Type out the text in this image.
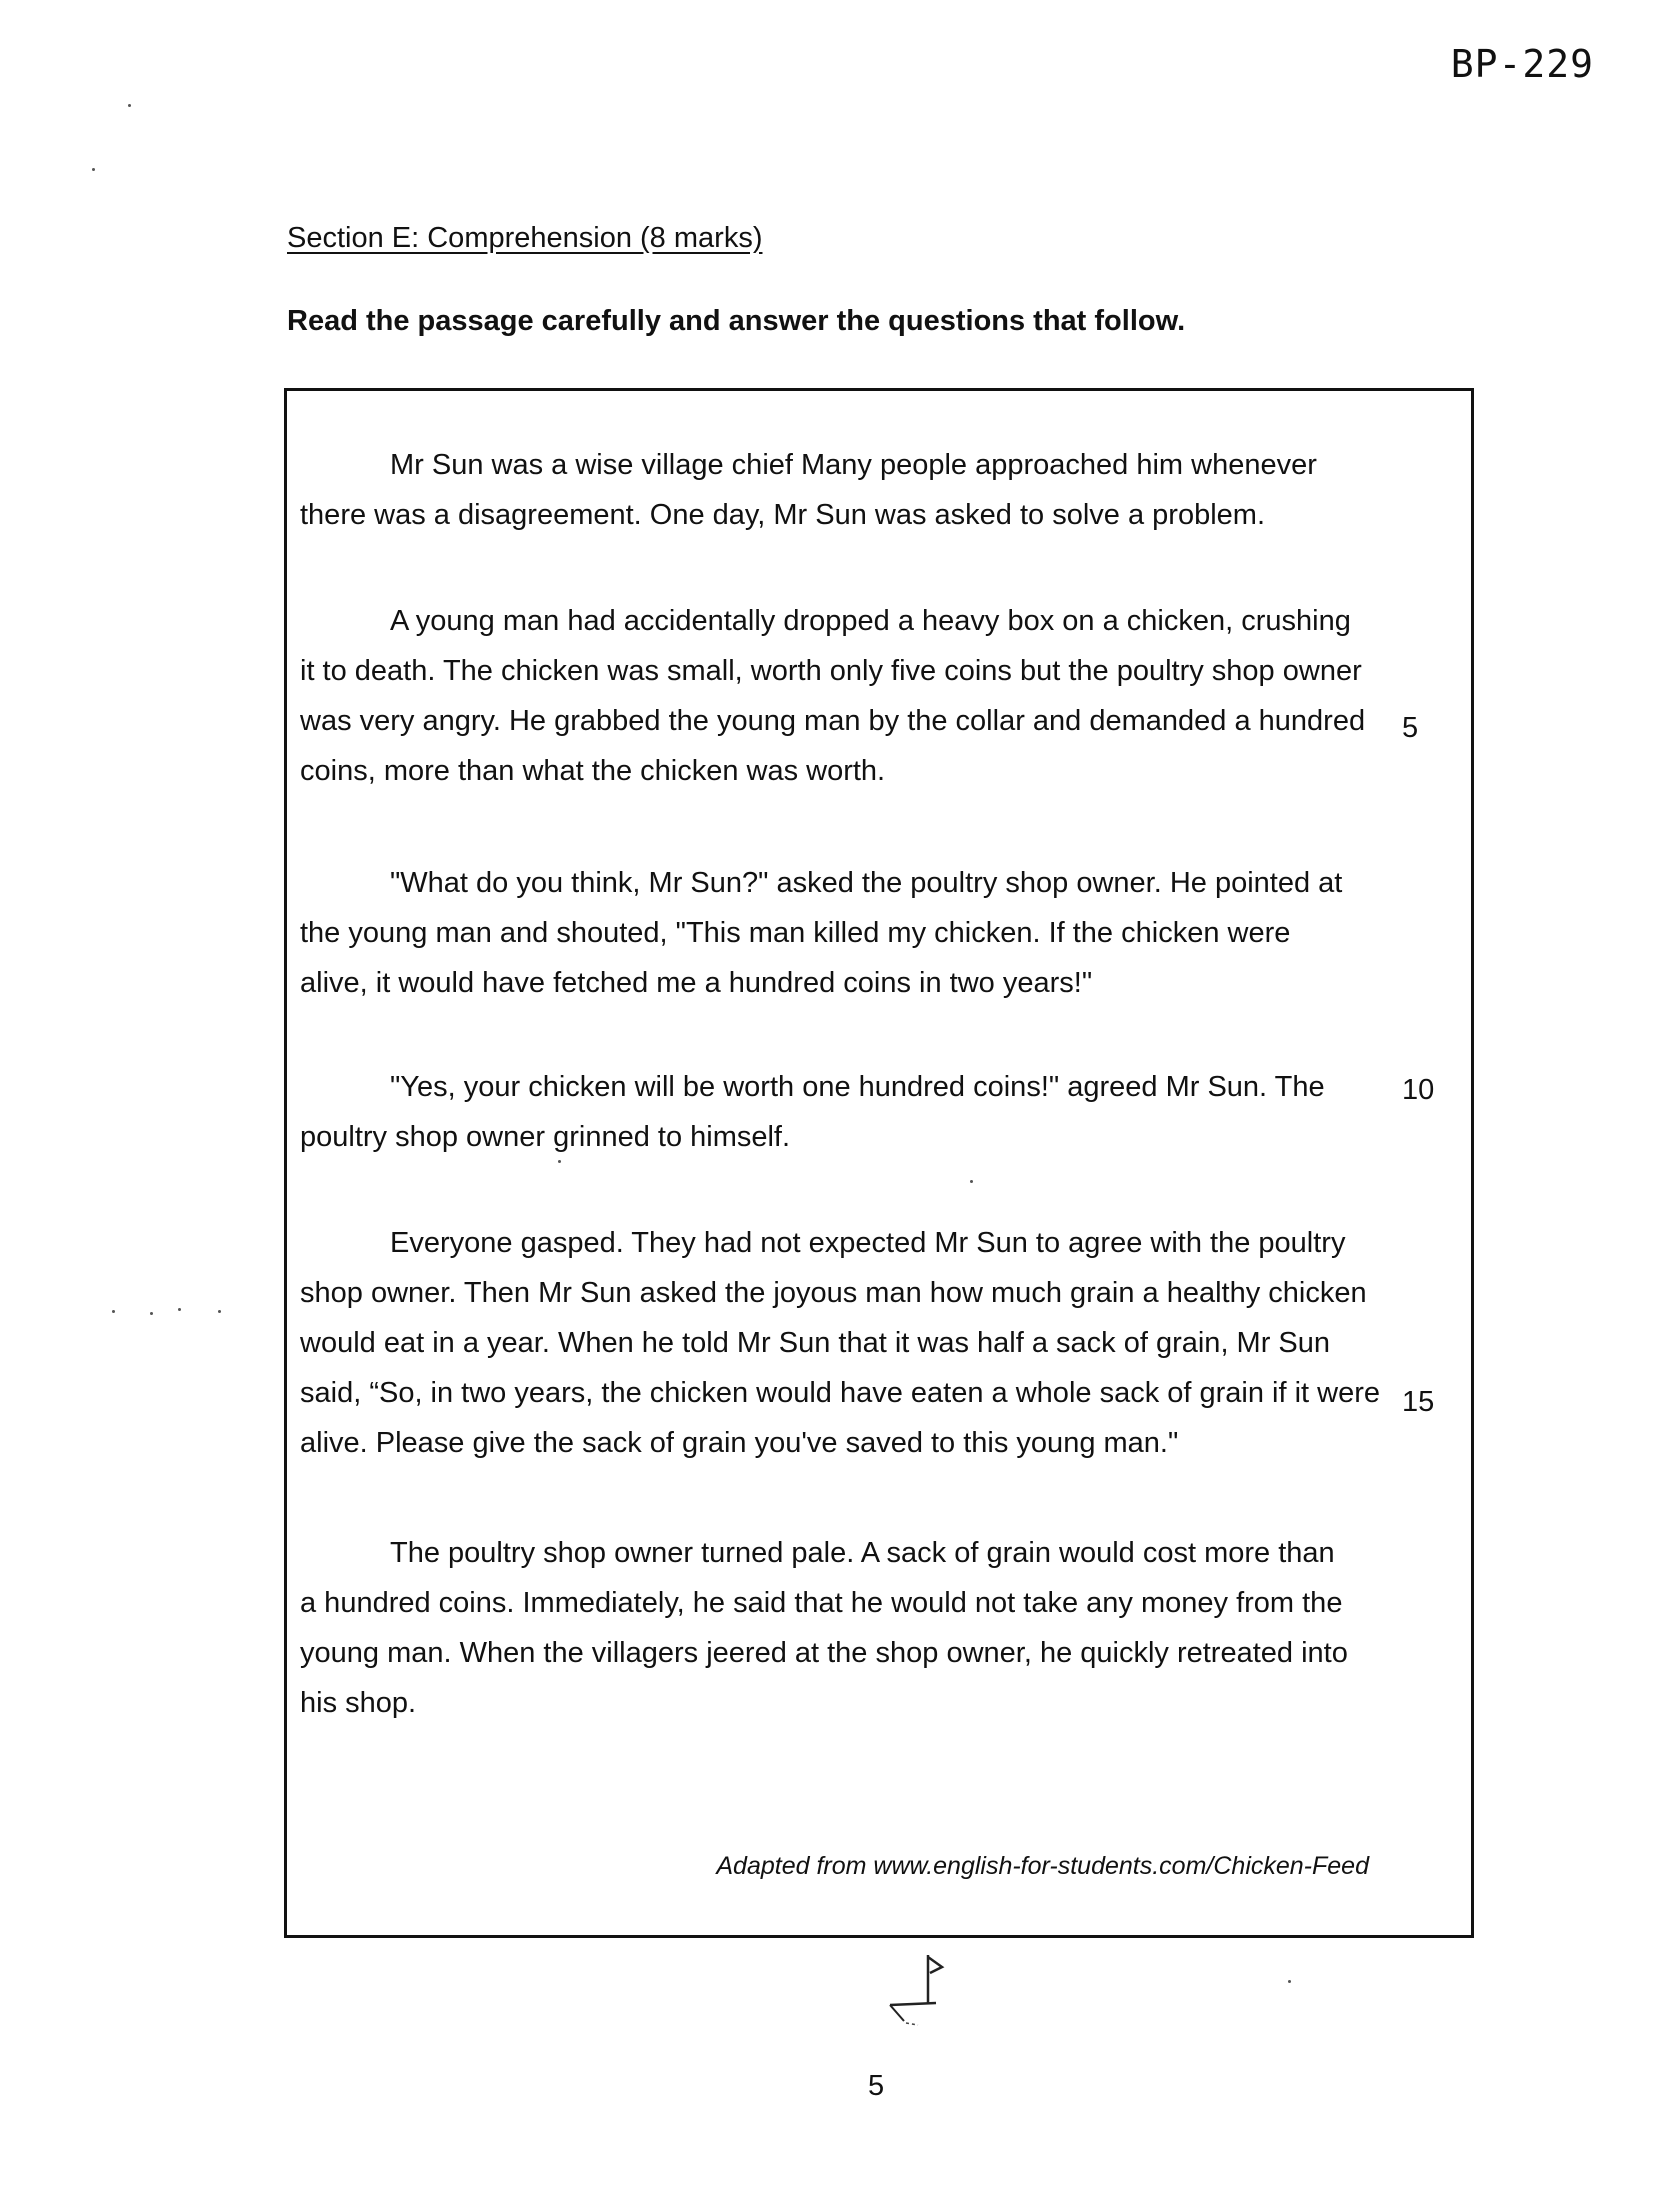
BP-229
Section E: Comprehension (8 marks)
Read the passage carefully and answer the questions that follow.
Mr Sun was a wise village chief Many people approached him whenever
there was a disagreement. One day, Mr Sun was asked to solve a problem.
A young man had accidentally dropped a heavy box on a chicken, crushing
it to death. The chicken was small, worth only five coins but the poultry shop owner
was very angry. He grabbed the young man by the collar and demanded a hundred
coins, more than what the chicken was worth.
5
"What do you think, Mr Sun?" asked the poultry shop owner. He pointed at
the young man and shouted, "This man killed my chicken. If the chicken were
alive, it would have fetched me a hundred coins in two years!"
"Yes, your chicken will be worth one hundred coins!" agreed Mr Sun. The
poultry shop owner grinned to himself.
10
Everyone gasped. They had not expected Mr Sun to agree with the poultry
shop owner. Then Mr Sun asked the joyous man how much grain a healthy chicken
would eat in a year. When he told Mr Sun that it was half a sack of grain, Mr Sun
said, “So, in two years, the chicken would have eaten a whole sack of grain if it were
alive. Please give the sack of grain you've saved to this young man."
15
The poultry shop owner turned pale. A sack of grain would cost more than
a hundred coins. Immediately, he said that he would not take any money from the
young man. When the villagers jeered at the shop owner, he quickly retreated into
his shop.
Adapted from www.english-for-students.com/Chicken-Feed
5
